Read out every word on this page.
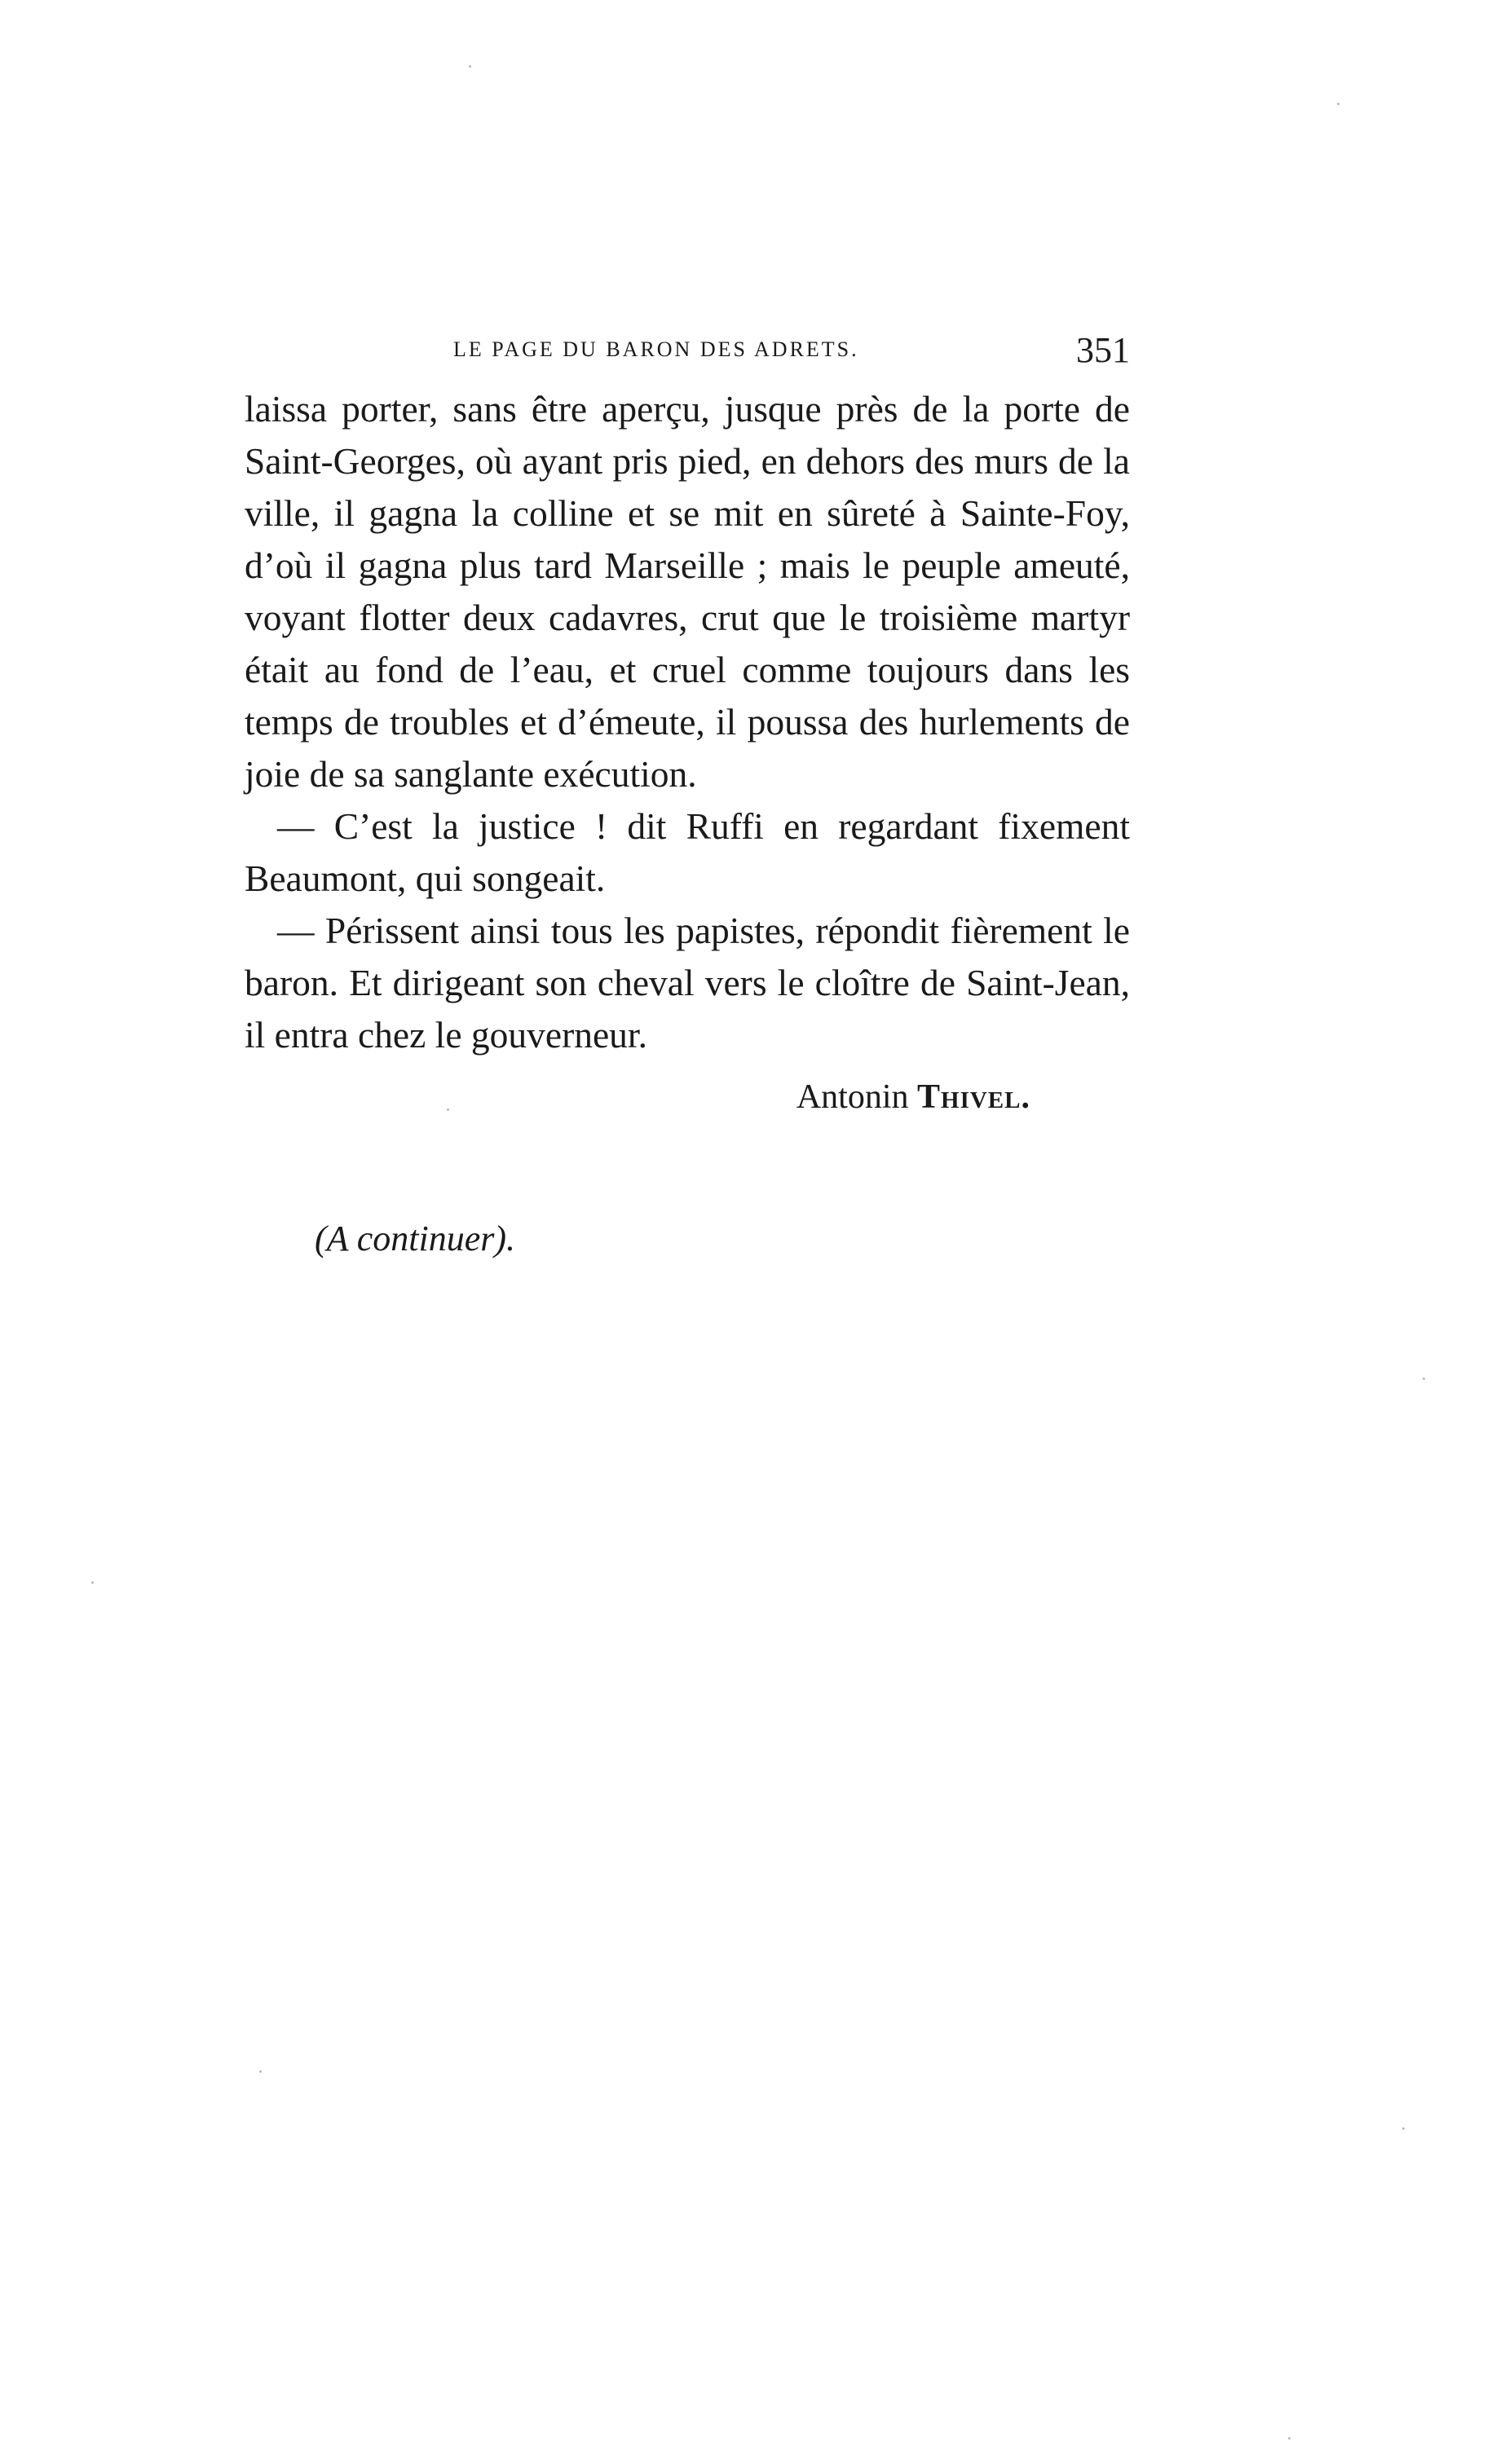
LE PAGE DU BARON DES ADRETS.	351

laissa porter, sans être aperçu, jusque près de la porte de Saint-Georges, où ayant pris pied, en dehors des murs de la ville, il gagna la colline et se mit en sûreté à Sainte-Foy, d’où il gagna plus tard Marseille ; mais le peuple ameuté, voyant flotter deux cadavres, crut que le troisième martyr était au fond de l’eau, et cruel comme toujours dans les temps de troubles et d’émeute, il poussa des hurlements de joie de sa sanglante exécution.

— C’est la justice ! dit Ruffi en regardant fixement Beaumont, qui songeait.

— Périssent ainsi tous les papistes, répondit fièrement le baron. Et dirigeant son cheval vers le cloître de Saint-Jean, il entra chez le gouverneur.

Antonin Thivel.
(A continuer).
